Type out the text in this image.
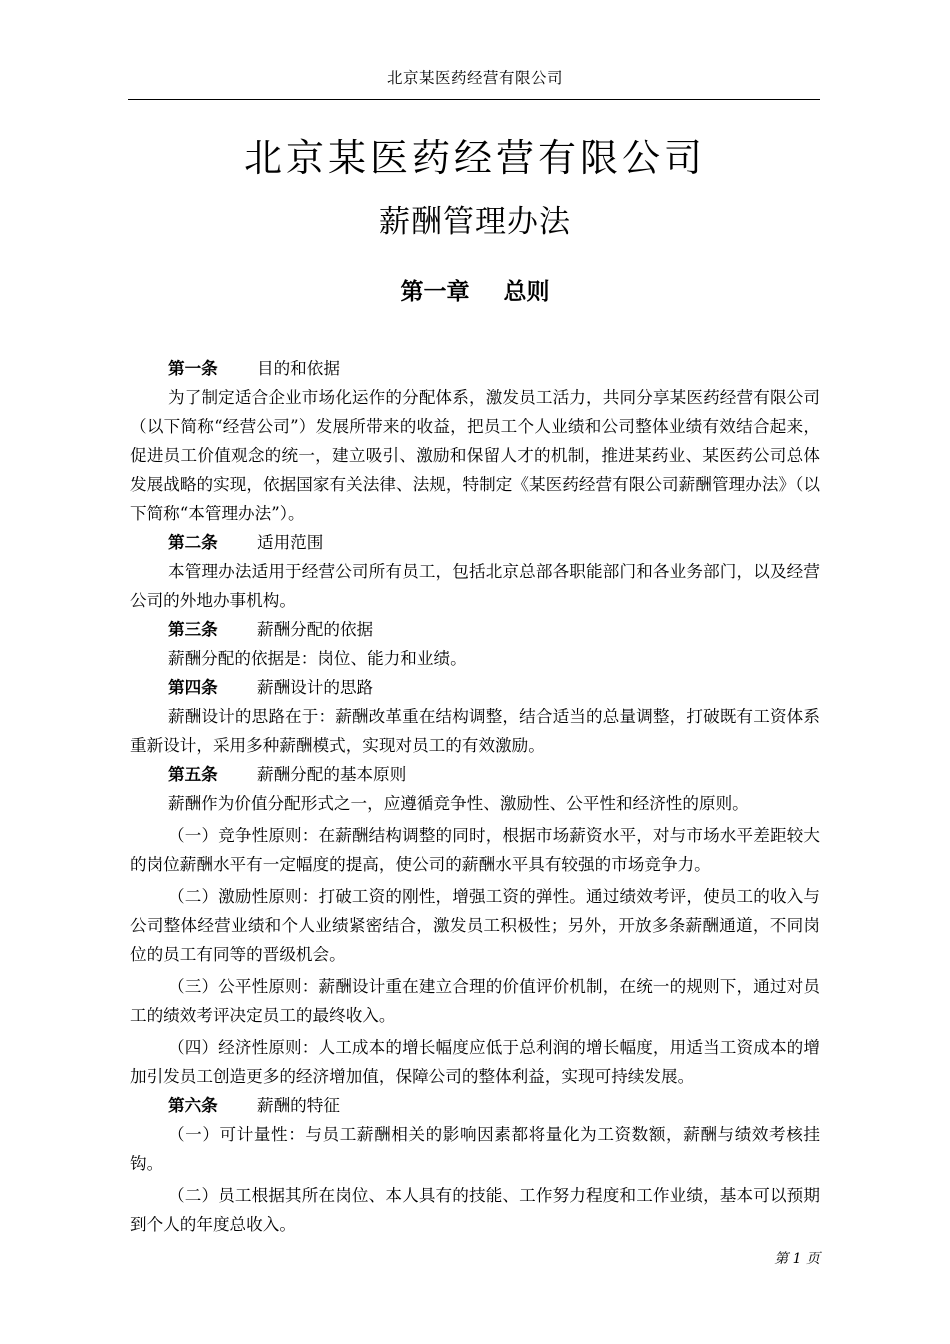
北京某医药经营有限公司
北京某医药经营有限公司
薪酬管理办法
第一章 总则
第一条 目的和依据

为了制定适合企业市场化运作的分配体系，激发员工活力，共同分享某医药经营有限公司（以下简称“经营公司”）发展所带来的收益，把员工个人业绩和公司整体业绩有效结合起来，促进员工价值观念的统一，建立吸引、激励和保留人才的机制，推进某药业、某医药公司总体发展战略的实现，依据国家有关法律、法规，特制定《某医药经营有限公司薪酬管理办法》（以下简称“本管理办法”）。

第二条 适用范围

本管理办法适用于经营公司所有员工，包括北京总部各职能部门和各业务部门，以及经营公司的外地办事机构。

第三条 薪酬分配的依据

薪酬分配的依据是：岗位、能力和业绩。

第四条 薪酬设计的思路

薪酬设计的思路在于：薪酬改革重在结构调整，结合适当的总量调整，打破既有工资体系重新设计，采用多种薪酬模式，实现对员工的有效激励。

第五条 薪酬分配的基本原则

薪酬作为价值分配形式之一，应遵循竞争性、激励性、公平性和经济性的原则。

（一）竞争性原则：在薪酬结构调整的同时，根据市场薪资水平，对与市场水平差距较大的岗位薪酬水平有一定幅度的提高，使公司的薪酬水平具有较强的市场竞争力。

（二）激励性原则：打破工资的刚性，增强工资的弹性。通过绩效考评，使员工的收入与公司整体经营业绩和个人业绩紧密结合，激发员工积极性；另外，开放多条薪酬通道，不同岗位的员工有同等的晋级机会。

（三）公平性原则：薪酬设计重在建立合理的价值评价机制，在统一的规则下，通过对员工的绩效考评决定员工的最终收入。

（四）经济性原则：人工成本的增长幅度应低于总利润的增长幅度，用适当工资成本的增加引发员工创造更多的经济增加值，保障公司的整体利益，实现可持续发展。

第六条 薪酬的特征

（一）可计量性：与员工薪酬相关的影响因素都将量化为工资数额，薪酬与绩效考核挂钩。

（二）员工根据其所在岗位、本人具有的技能、工作努力程度和工作业绩，基本可以预期到个人的年度总收入。

第 1 页
